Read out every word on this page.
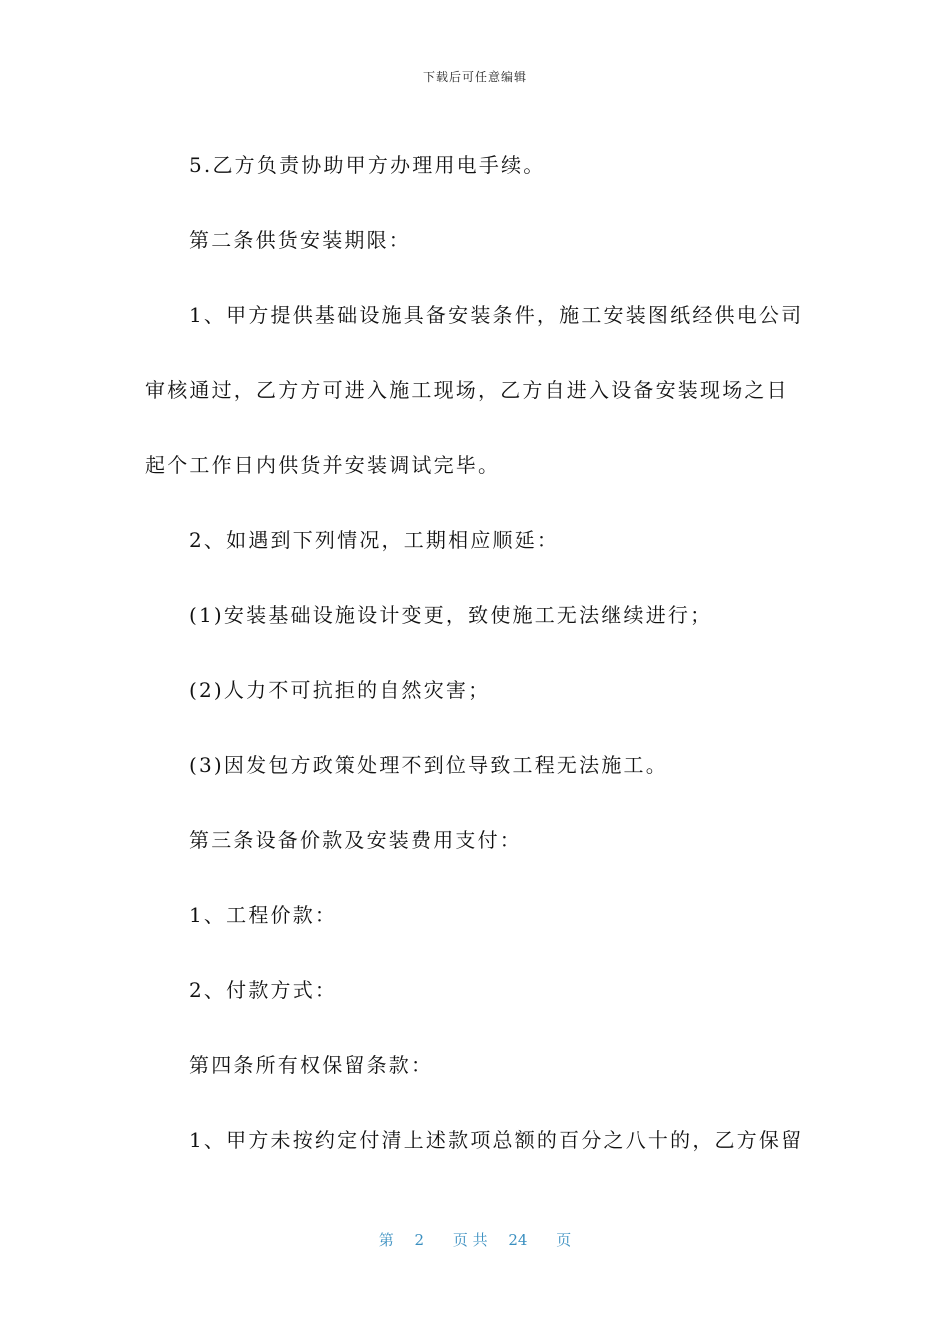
下载后可任意编辑

5.乙方负责协助甲方办理用电手续。

第二条供货安装期限：

1、甲方提供基础设施具备安装条件，施工安装图纸经供电公司

审核通过，乙方方可进入施工现场，乙方自进入设备安装现场之日

起个工作日内供货并安装调试完毕。

2、如遇到下列情况，工期相应顺延：

(1)安装基础设施设计变更，致使施工无法继续进行；

(2)人力不可抗拒的自然灾害；

(3)因发包方政策处理不到位导致工程无法施工。

第三条设备价款及安装费用支付：

1、工程价款：

2、付款方式：

第四条所有权保留条款：

1、甲方未按约定付清上述款项总额的百分之八十的，乙方保留

第 2 页 共 24 页
